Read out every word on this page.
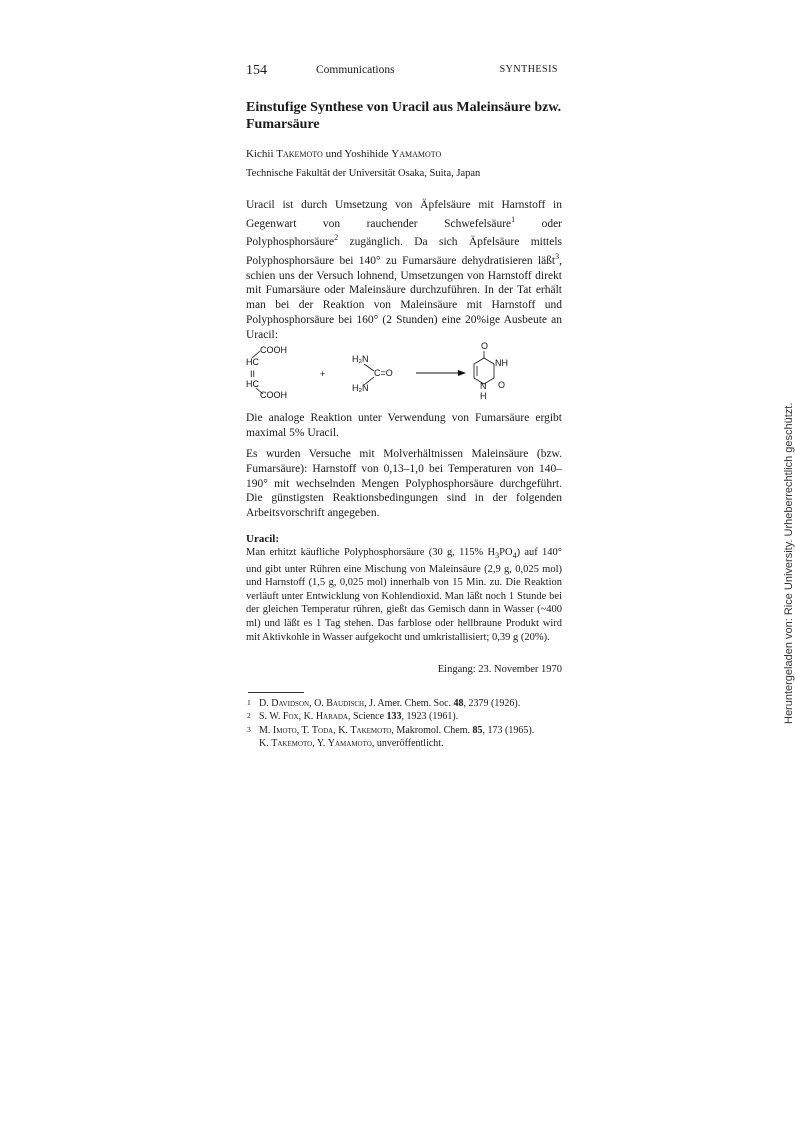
154	Communications	SYNTHESIS
Einstufige Synthese von Uracil aus Maleinsäure bzw. Fumarsäure
Kichii Takemoto und Yoshihide Yamamoto
Technische Fakultät der Universität Osaka, Suita, Japan

Uracil ist durch Umsetzung von Äpfelsäure mit Harnstoff in Gegenwart von rauchender Schwefelsäure$^1$ oder Polyphosphorsäure$^2$ zugänglich. Da sich Äpfelsäure mittels Polyphosphorsäure bei 140° zu Fumarsäure dehydratisieren läßt$^3$, schien uns der Versuch lohnend, Umsetzungen von Harnstoff direkt mit Fumarsäure oder Maleinsäure durchzuführen. In der Tat erhält man bei der Reaktion von Maleinsäure mit Harnstoff und Polyphosphorsäure bei 160° (2 Stunden) eine 20%ige Ausbeute an Uracil:

COOH
HC
II
HC
COOH
+
H₂N
C=O
H₂N
O
NH
N O
H

Die analoge Reaktion unter Verwendung von Fumarsäure ergibt maximal 5% Uracil.

Es wurden Versuche mit Molverhältnissen Maleinsäure (bzw. Fumarsäure): Harnstoff von 0,13–1,0 bei Temperaturen von 140–190° mit wechselnden Mengen Polyphosphorsäure durchgeführt. Die günstigsten Reaktionsbedingungen sind in der folgenden Arbeitsvorschrift angegeben.

Uracil:

Man erhitzt käufliche Polyphosphorsäure (30 g, 115% $H_3PO_4$) auf 140° und gibt unter Rühren eine Mischung von Maleinsäure (2,9 g, 0,025 mol) und Harnstoff (1,5 g, 0,025 mol) innerhalb von 15 Min. zu. Die Reaktion verläuft unter Entwicklung von Kohlendioxid. Man läßt noch 1 Stunde bei der gleichen Temperatur rühren, gießt das Gemisch dann in Wasser (~400 ml) und läßt es 1 Tag stehen. Das farblose oder hellbraune Produkt wird mit Aktivkohle in Wasser aufgekocht und umkristallisiert; 0,39 g (20%).

Eingang: 23. November 1970
1 D. Davidson, O. Baudisch, J. Amer. Chem. Soc. 48, 2379 (1926).
2 S. W. Fox, K. Harada, Science 133, 1923 (1961).
3 M. Imoto, T. Toda, K. Takemoto, Makromol. Chem. 85, 173 (1965).
K. Takemoto, Y. Yamamoto, unveröffentlicht.
Heruntergeladen von: Rice University. Urheberrechtlich geschützt.
